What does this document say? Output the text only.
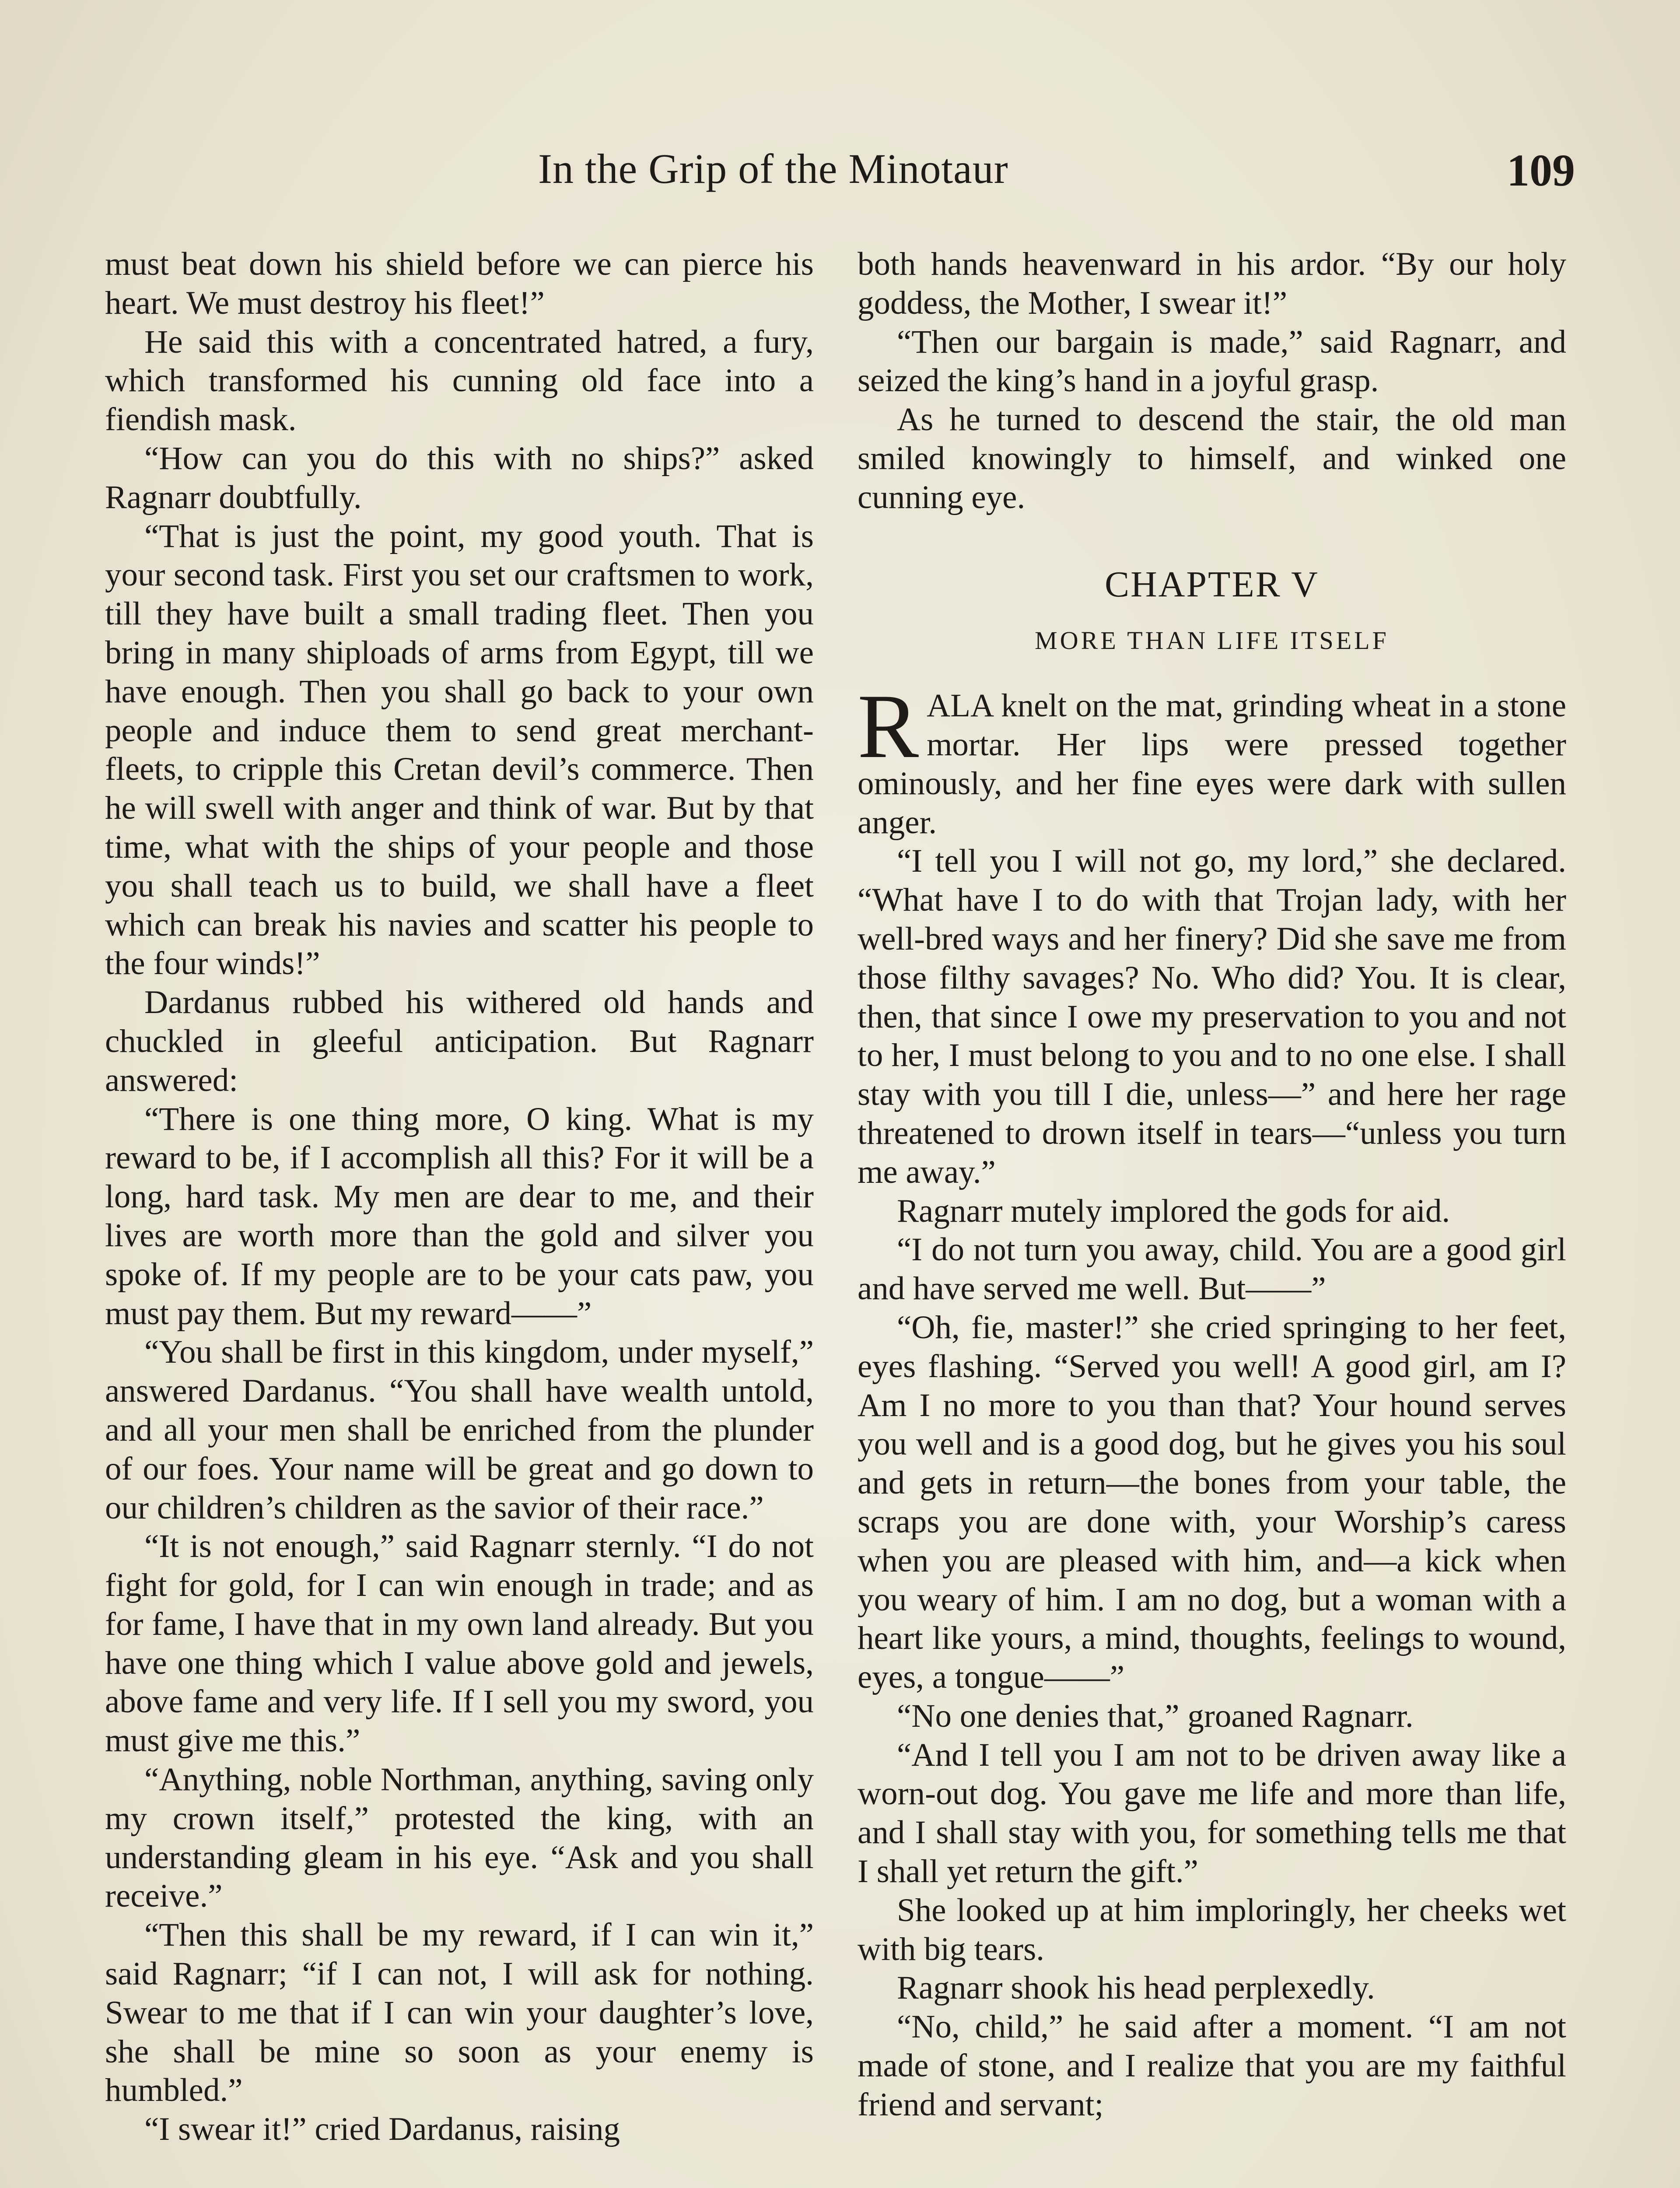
In the Grip of the Minotaur	109

must beat down his shield before we can pierce his heart. We must destroy his fleet!”

He said this with a concentrated hatred, a fury, which transformed his cunning old face into a fiendish mask.

“How can you do this with no ships?” asked Ragnarr doubtfully.

“That is just the point, my good youth. That is your second task. First you set our craftsmen to work, till they have built a small trading fleet. Then you bring in many shiploads of arms from Egypt, till we have enough. Then you shall go back to your own people and induce them to send great merchant-fleets, to cripple this Cretan devil’s commerce. Then he will swell with anger and think of war. But by that time, what with the ships of your people and those you shall teach us to build, we shall have a fleet which can break his navies and scatter his people to the four winds!”

Dardanus rubbed his withered old hands and chuckled in gleeful anticipation. But Ragnarr answered:

“There is one thing more, O king. What is my reward to be, if I accomplish all this? For it will be a long, hard task. My men are dear to me, and their lives are worth more than the gold and silver you spoke of. If my people are to be your cats paw, you must pay them. But my reward——”

“You shall be first in this kingdom, under myself,” answered Dardanus. “You shall have wealth untold, and all your men shall be enriched from the plunder of our foes. Your name will be great and go down to our children’s children as the savior of their race.”

“It is not enough,” said Ragnarr sternly. “I do not fight for gold, for I can win enough in trade; and as for fame, I have that in my own land already. But you have one thing which I value above gold and jewels, above fame and very life. If I sell you my sword, you must give me this.”

“Anything, noble Northman, anything, saving only my crown itself,” protested the king, with an understanding gleam in his eye. “Ask and you shall receive.”

“Then this shall be my reward, if I can win it,” said Ragnarr; “if I can not, I will ask for nothing. Swear to me that if I can win your daughter’s love, she shall be mine so soon as your enemy is humbled.”

“I swear it!” cried Dardanus, raising

both hands heavenward in his ardor. “By our holy goddess, the Mother, I swear it!”

“Then our bargain is made,” said Ragnarr, and seized the king’s hand in a joyful grasp.

As he turned to descend the stair, the old man smiled knowingly to himself, and winked one cunning eye.

CHAPTER V
MORE THAN LIFE ITSELF

RALA knelt on the mat, grinding wheat in a stone mortar. Her lips were pressed together ominously, and her fine eyes were dark with sullen anger.

“I tell you I will not go, my lord,” she declared. “What have I to do with that Trojan lady, with her well-bred ways and her finery? Did she save me from those filthy savages? No. Who did? You. It is clear, then, that since I owe my preservation to you and not to her, I must belong to you and to no one else. I shall stay with you till I die, unless—” and here her rage threatened to drown itself in tears—“unless you turn me away.”

Ragnarr mutely implored the gods for aid.

“I do not turn you away, child. You are a good girl and have served me well. But——”

“Oh, fie, master!” she cried springing to her feet, eyes flashing. “Served you well! A good girl, am I? Am I no more to you than that? Your hound serves you well and is a good dog, but he gives you his soul and gets in return—the bones from your table, the scraps you are done with, your Worship’s caress when you are pleased with him, and—a kick when you weary of him. I am no dog, but a woman with a heart like yours, a mind, thoughts, feelings to wound, eyes, a tongue——”

“No one denies that,” groaned Ragnarr.

“And I tell you I am not to be driven away like a worn-out dog. You gave me life and more than life, and I shall stay with you, for something tells me that I shall yet return the gift.”

She looked up at him imploringly, her cheeks wet with big tears.

Ragnarr shook his head perplexedly.

“No, child,” he said after a moment. “I am not made of stone, and I realize that you are my faithful friend and servant;
